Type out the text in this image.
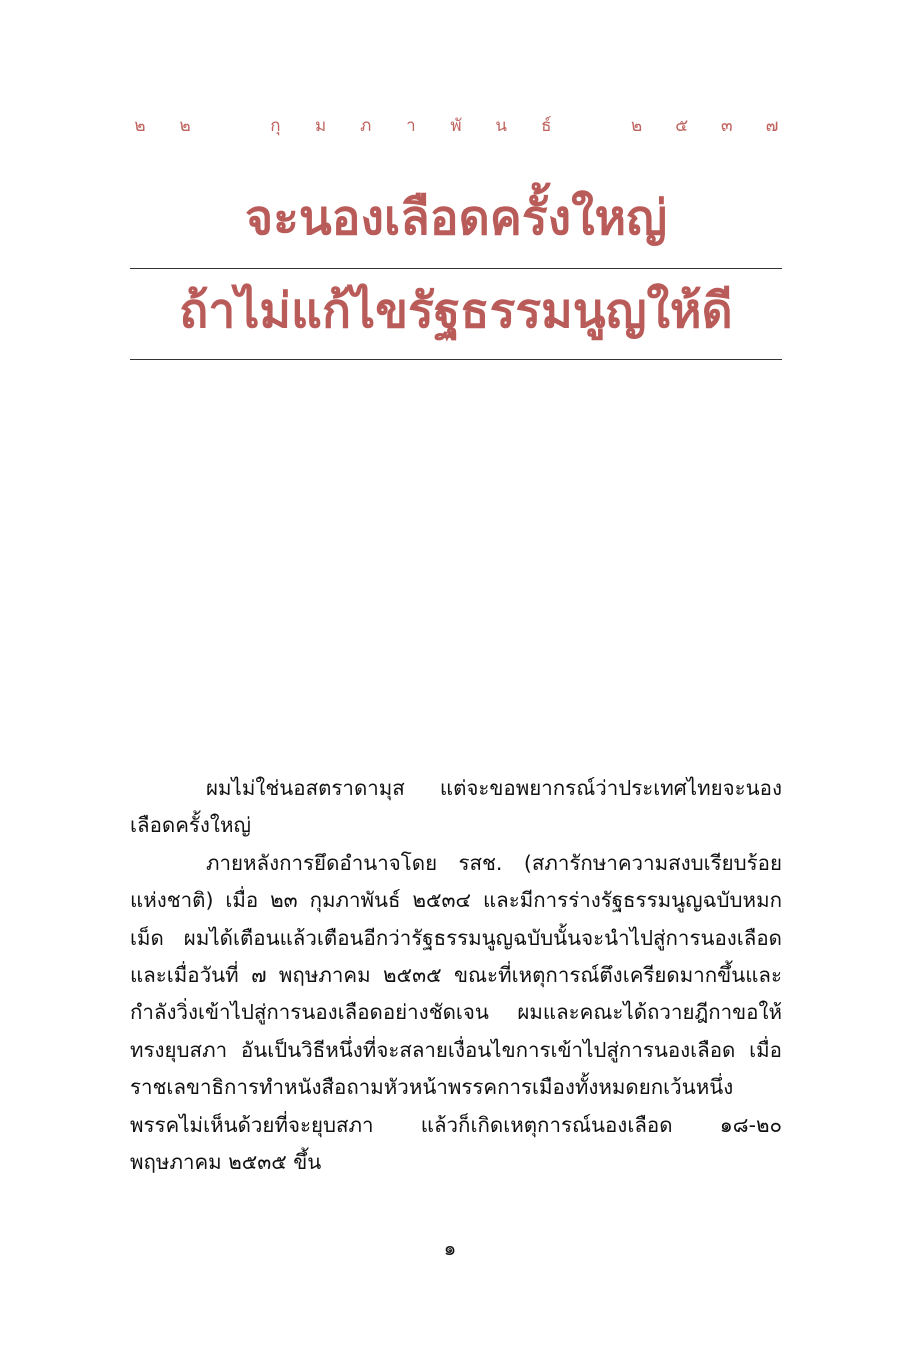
๒ ๒	กุ ม ภ	า	พั น ธ์	๒ ๕ ๓ ๗
จะนองเลือดครั้งใหญ่
ถ้าไม่แก้ไขรัฐธรรมนูญให้ดี

ผมไม่ใช่นอสตราดามุส แต่จะขอพยากรณ์ว่าประเทศไทยจะนองเลือดครั้งใหญ่

ภายหลังการยึดอำนาจโดย รสช. (สภารักษาความสงบเรียบร้อยแห่งชาติ) เมื่อ ๒๓ กุมภาพันธ์ ๒๕๓๔ และมีการร่างรัฐธรรมนูญฉบับหมกเม็ด ผมได้เตือนแล้วเตือนอีกว่ารัฐธรรมนูญฉบับนั้นจะนำไปสู่การนองเลือด และเมื่อวันที่ ๗ พฤษภาคม ๒๕๓๕ ขณะที่เหตุการณ์ตึงเครียดมากขึ้นและกำลังวิ่งเข้าไปสู่การนองเลือดอย่างชัดเจน ผมและคณะได้ถวายฎีกาขอให้ทรงยุบสภา อันเป็นวิธีหนึ่งที่จะสลายเงื่อนไขการเข้าไปสู่การนองเลือด เมื่อราชเลขาธิการทำหนังสือถามหัวหน้าพรรคการเมืองทั้งหมดยกเว้นหนึ่งพรรคไม่เห็นด้วยที่จะยุบสภา แล้วก็เกิดเหตุการณ์นองเลือด ๑๘-๒๐ พฤษภาคม ๒๕๓๕ ขึ้น

๑
